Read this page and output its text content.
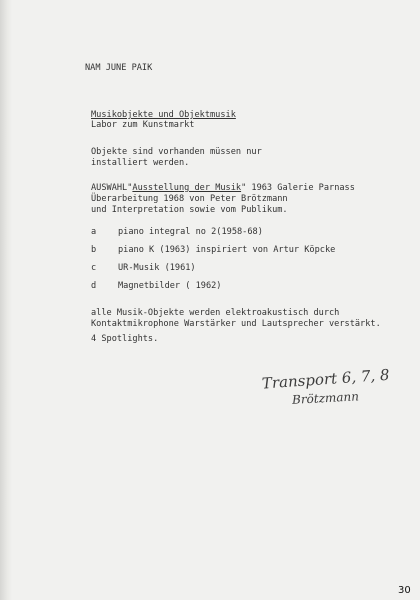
NAM JUNE PAIK
Musikobjekte und Objektmusik
Labor zum Kunstmarkt
Objekte sind vorhanden müssen nur
installiert werden.
AUSWAHL"Ausstellung der Musik" 1963 Galerie Parnass
Überarbeitung 1968 von Peter Brötzmann
und Interpretation sowie vom Publikum.
a	piano integral no 2(1958-68)
b	piano K (1963) inspiriert von Artur Köpcke
c	UR-Musik (1961)
d	Magnetbilder ( 1962)
alle Musik-Objekte werden elektroakustisch durch
Kontaktmikrophone Warstärker und Lautsprecher verstärkt.
4 Spotlights.
Transport 6, 7, 8
Brötzmann
30
